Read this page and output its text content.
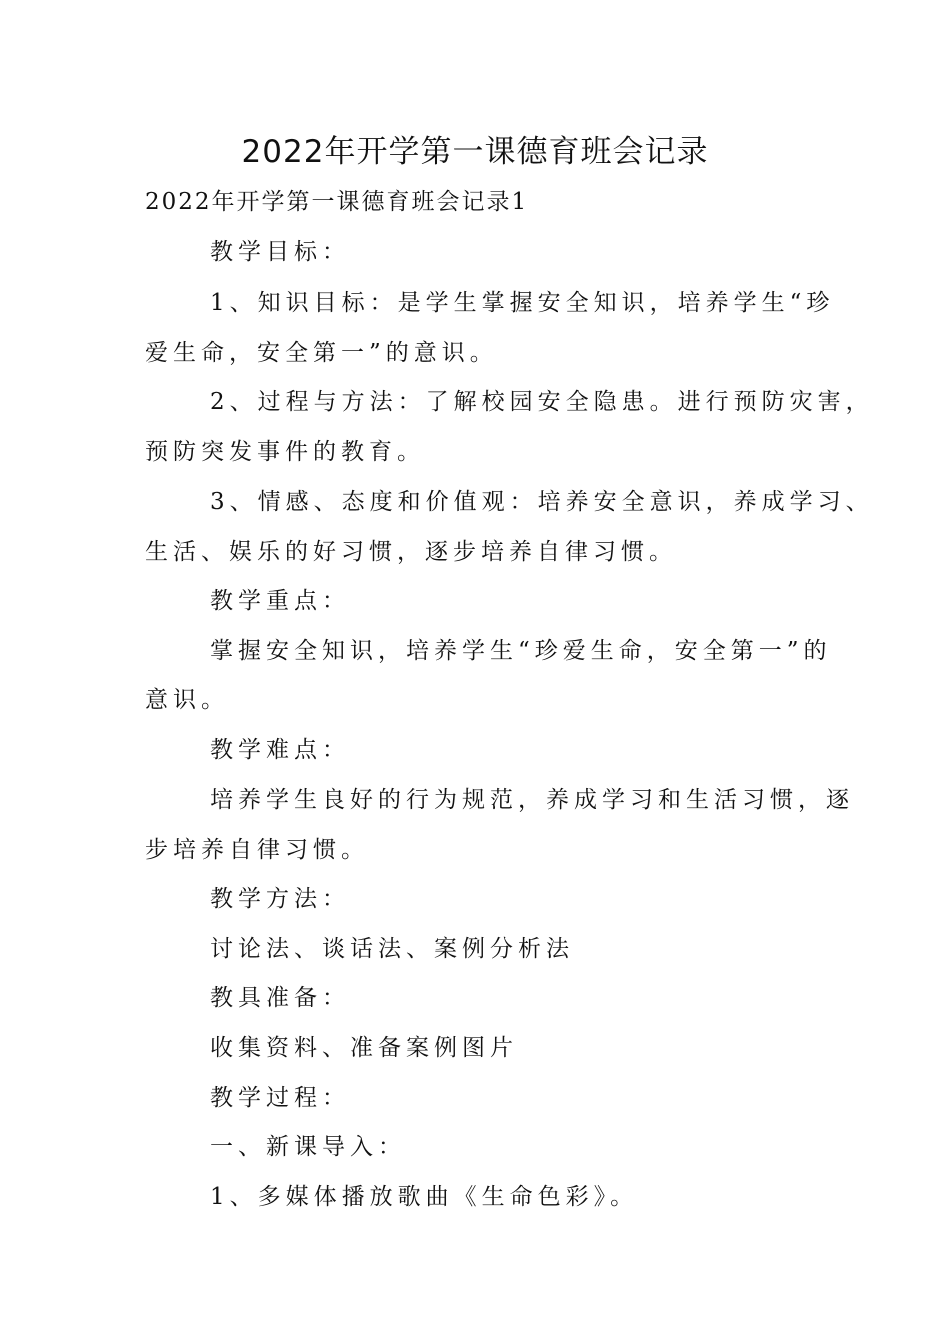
2022年开学第一课德育班会记录
2022年开学第一课德育班会记录1
教学目标：
1、知识目标：是学生掌握安全知识，培养学生“珍
爱生命，安全第一”的意识。
2、过程与方法：了解校园安全隐患。进行预防灾害，
预防突发事件的教育。
3、情感、态度和价值观：培养安全意识，养成学习、
生活、娱乐的好习惯，逐步培养自律习惯。
教学重点：
掌握安全知识，培养学生“珍爱生命，安全第一”的
意识。
教学难点：
培养学生良好的行为规范，养成学习和生活习惯，逐
步培养自律习惯。
教学方法：
讨论法、谈话法、案例分析法
教具准备：
收集资料、准备案例图片
教学过程：
一、新课导入：
1、多媒体播放歌曲《生命色彩》。
